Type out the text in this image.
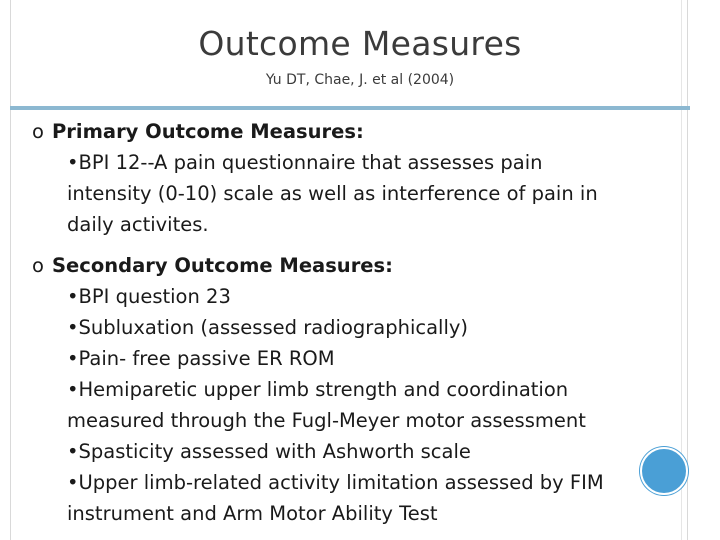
Outcome Measures
Yu DT, Chae, J. et al (2004)
o Primary Outcome Measures:
•BPI 12--A pain questionnaire that assesses pain
intensity (0-10) scale as well as interference of pain in
daily activites.
o Secondary Outcome Measures:
•BPI question 23
•Subluxation (assessed radiographically)
•Pain- free passive ER ROM
•Hemiparetic upper limb strength and coordination
measured through the Fugl-Meyer motor assessment
•Spasticity assessed with Ashworth scale
•Upper limb-related activity limitation assessed by FIM
instrument and Arm Motor Ability Test
